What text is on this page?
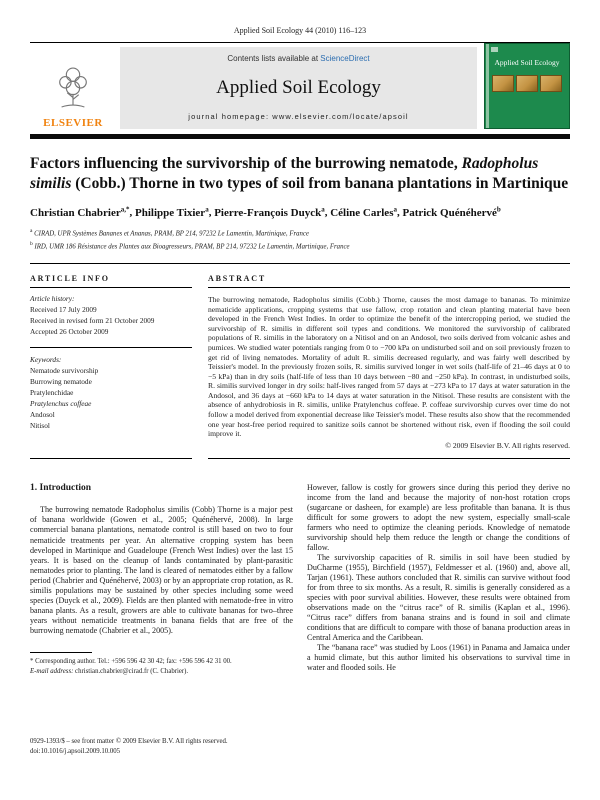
Applied Soil Ecology 44 (2010) 116–123
ELSEVIER
Contents lists available at ScienceDirect
Applied Soil Ecology
journal homepage: www.elsevier.com/locate/apsoil
Applied Soil Ecology
Factors influencing the survivorship of the burrowing nematode, Radopholus similis (Cobb.) Thorne in two types of soil from banana plantations in Martinique
Christian Chabrier$^{a,*}$, Philippe Tixier$^a$, Pierre-François Duyck$^a$, Céline Carles$^a$, Patrick Quénéhervé$^b$
$^a$ CIRAD, UPR Systèmes Bananes et Ananas, PRAM, BP 214, 97232 Le Lamentin, Martinique, France
$^b$ IRD, UMR 186 Résistance des Plantes aux Bioagresseurs, PRAM, BP 214, 97232 Le Lamentin, Martinique, France
ARTICLE INFO
Article history:
Received 17 July 2009
Received in revised form 21 October 2009
Accepted 26 October 2009
Keywords:
Nematode survivorship
Burrowing nematode
Pratylenchidae
Pratylenchus coffeae
Andosol
Nitisol
ABSTRACT
The burrowing nematode, Radopholus similis (Cobb.) Thorne, causes the most damage to bananas. To minimize nematicide applications, cropping systems that use fallow, crop rotation and clean planting material have been developed in the French West Indies. In order to optimize the benefit of the intercropping period, we studied the survivorship of R. similis in different soil types and conditions. We monitored the survivorship of calibrated populations of R. similis in the laboratory on a Nitisol and on an Andosol, two soils derived from volcanic ashes and pumices. We studied water potentials ranging from 0 to −700 kPa on undisturbed soil and on soil previously frozen to get rid of living nematodes. Mortality of adult R. similis decreased regularly, and was fairly well described by Teissier's model. In the previously frozen soils, R. similis survived longer in wet soils (half-life of 21–46 days at 0 to −5 kPa) than in dry soils (half-life of less than 10 days between −80 and −250 kPa). In contrast, in undisturbed soils, R. similis survived longer in dry soils: half-lives ranged from 57 days at −273 kPa to 17 days at water saturation in the Andosol, and 36 days at −660 kPa to 14 days at water saturation in the Nitisol. These results are consistent with the absence of anhydrobiosis in R. similis, unlike Pratylenchus coffeae. P. coffeae survivorship curves over time do not follow a model derived from exponential decrease like Teissier's model. These results also show that the recommended one year host-free period required to sanitize soils cannot be shortened without risk, even if flooding the soil could improve it.
© 2009 Elsevier B.V. All rights reserved.
1. Introduction

The burrowing nematode Radopholus similis (Cobb) Thorne is a major pest of banana worldwide (Gowen et al., 2005; Quénéhervé, 2008). In large commercial banana plantations, nematode control is still based on two to four nematicide treatments per year. An alternative cropping system has been developed in Martinique and Guadeloupe (French West Indies) over the last 15 years. It is based on the cleanup of lands contaminated by plant-parasitic nematodes prior to planting. The land is cleared of nematodes either by a fallow period (Chabrier and Quénéhervé, 2003) or by an appropriate crop rotation, as R. similis populations may be sustained by other species including some weed species (Duyck et al., 2009). Fields are then planted with nematode-free in vitro banana plants. As a result, growers are able to cultivate bananas for two–three years without nematicide treatments in banana fields that are free of the burrowing nematode (Chabrier et al., 2005).

* Corresponding author. Tel.: +596 596 42 30 42; fax: +596 596 42 31 00.
E-mail address: christian.chabrier@cirad.fr (C. Chabrier).

However, fallow is costly for growers since during this period they derive no income from the land and because the majority of non-host rotation crops (sugarcane or dasheen, for example) are less profitable than banana. It is thus difficult for some growers to adopt the new system, especially small-scale farmers who need to optimize the cleaning periods. Knowledge of nematode survivorship should help them reduce the length or change the conditions of fallow.

The survivorship capacities of R. similis in soil have been studied by DuCharme (1955), Birchfield (1957), Feldmesser et al. (1960) and, above all, Tarjan (1961). These authors concluded that R. similis can survive without food for from three to six months. As a result, R. similis is generally considered as a species with poor survival abilities. However, these results were obtained from observations made on the “citrus race” of R. similis (Kaplan et al., 1996). “Citrus race” differs from banana strains and is found in soil and climate conditions that are difficult to compare with those of banana production areas in Central America and the Caribbean.

The “banana race” was studied by Loos (1961) in Panama and Jamaica under a humid climate, but this author limited his observations to survival time in water and flooded soils. He

0929-1393/$ – see front matter © 2009 Elsevier B.V. All rights reserved.
doi:10.1016/j.apsoil.2009.10.005
